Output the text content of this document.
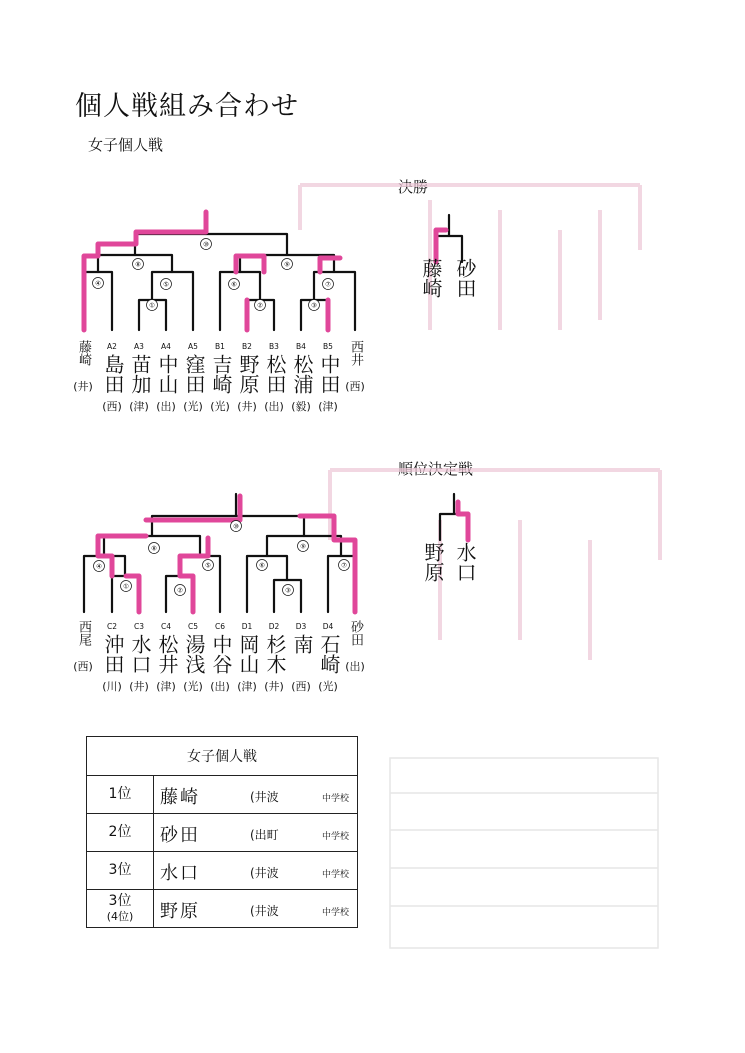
個人戦組み合わせ
女子個人戦
決勝
順位決定戦
⑩
⑧	⑨
④	⑤	⑥	⑦
①	②	③
⑩
⑧	⑨
④	⑤	⑥	⑦
①	②	③
A2	A3	A4	A5	B1	B2	B3	B4	B5
藤崎
島田 苗加 中山 窪田 吉崎 野原 松田 松浦 中田
西井
(井)
(西) (津) (出) (光) (光) (井) (出) (毅) (津)
(西)
藤崎 砂田
C2	C3	C4	C5	C6	D1	D2	D3	D4
西尾
沖田 水口 松井 湯浅 中谷 岡山 杉木 南 石崎
砂田
(西)
(川) (井) (津) (光) (出) (津) (井) (西) (光)
(出)
野原 水口
女子個人戦	
1位	藤崎 (井波 中学校

2位	砂田 (出町 中学校

3位	水口 (井波 中学校

3位
(4位)	野原 (井波 中学校
